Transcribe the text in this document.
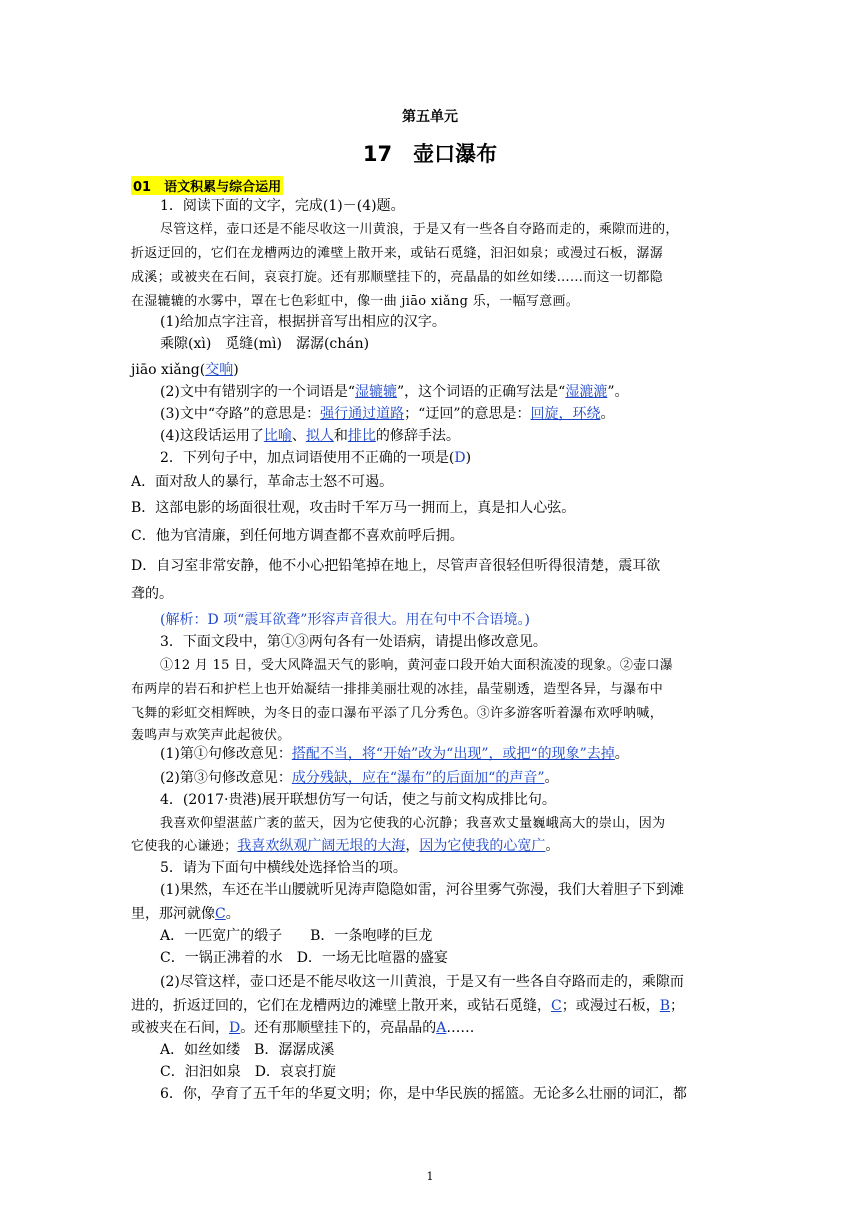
第五单元
17　壶口瀑布
01　语文积累与综合运用
1．阅读下面的文字，完成(1)－(4)题。
尽管这样，壶口还是不能尽收这一川黄浪，于是又有一些各自夺路而走的，乘隙而进的，
折返迂回的，它们在龙槽两边的滩壁上散开来，或钻石觅缝，汩汩如泉；或漫过石板，潺潺
成溪；或被夹在石间，哀哀打旋。还有那顺壁挂下的，亮晶晶的如丝如缕……而这一切都隐
在湿辘辘的水雾中，罩在七色彩虹中，像一曲 jiāo xiǎng 乐，一幅写意画。
(1)给加点字注音，根据拼音写出相应的汉字。
乘隙(xì)　觅缝(mì)　潺潺(chán)
jiāo xiǎng(交响)
(2)文中有错别字的一个词语是“湿辘辘”，这个词语的正确写法是“湿漉漉”。
(3)文中“夺路”的意思是：强行通过道路；“迂回”的意思是：回旋，环绕。
(4)这段话运用了比喻、拟人和排比的修辞手法。
2．下列句子中，加点词语使用不正确的一项是(D)
A．面对敌人的暴行，革命志士怒不可遏。
B．这部电影的场面很壮观，攻击时千军万马一拥而上，真是扣人心弦。
C．他为官清廉，到任何地方调查都不喜欢前呼后拥。
D．自习室非常安静，他不小心把铅笔掉在地上，尽管声音很轻但听得很清楚，震耳欲
聋的。
(解析：D 项“震耳欲聋”形容声音很大。用在句中不合语境。)
3．下面文段中，第①③两句各有一处语病，请提出修改意见。
①12 月 15 日，受大风降温天气的影响，黄河壶口段开始大面积流凌的现象。②壶口瀑
布两岸的岩石和护栏上也开始凝结一排排美丽壮观的冰挂，晶莹剔透，造型各异，与瀑布中
飞舞的彩虹交相辉映，为冬日的壶口瀑布平添了几分秀色。③许多游客听着瀑布欢呼呐喊，
轰鸣声与欢笑声此起彼伏。
(1)第①句修改意见：搭配不当，将“开始”改为“出现”，或把“的现象”去掉。
(2)第③句修改意见：成分残缺，应在“瀑布”的后面加“的声音”。
4．(2017·贵港)展开联想仿写一句话，使之与前文构成排比句。
我喜欢仰望湛蓝广袤的蓝天，因为它使我的心沉静；我喜欢丈量巍峨高大的崇山，因为
它使我的心谦逊；我喜欢纵观广阔无垠的大海，因为它使我的心宽广。
5．请为下面句中横线处选择恰当的项。
(1)果然，车还在半山腰就听见涛声隐隐如雷，河谷里雾气弥漫，我们大着胆子下到滩
里，那河就像C。
A．一匹宽广的缎子　　B．一条咆哮的巨龙
C．一锅正沸着的水　D．一场无比喧嚣的盛宴
(2)尽管这样，壶口还是不能尽收这一川黄浪，于是又有一些各自夺路而走的，乘隙而
进的，折返迂回的，它们在龙槽两边的滩壁上散开来，或钻石觅缝，C；或漫过石板，B；
或被夹在石间，D。还有那顺壁挂下的，亮晶晶的A……
A．如丝如缕　B．潺潺成溪
C．汩汩如泉　D．哀哀打旋
6．你，孕育了五千年的华夏文明；你，是中华民族的摇篮。无论多么壮丽的词汇，都
1
